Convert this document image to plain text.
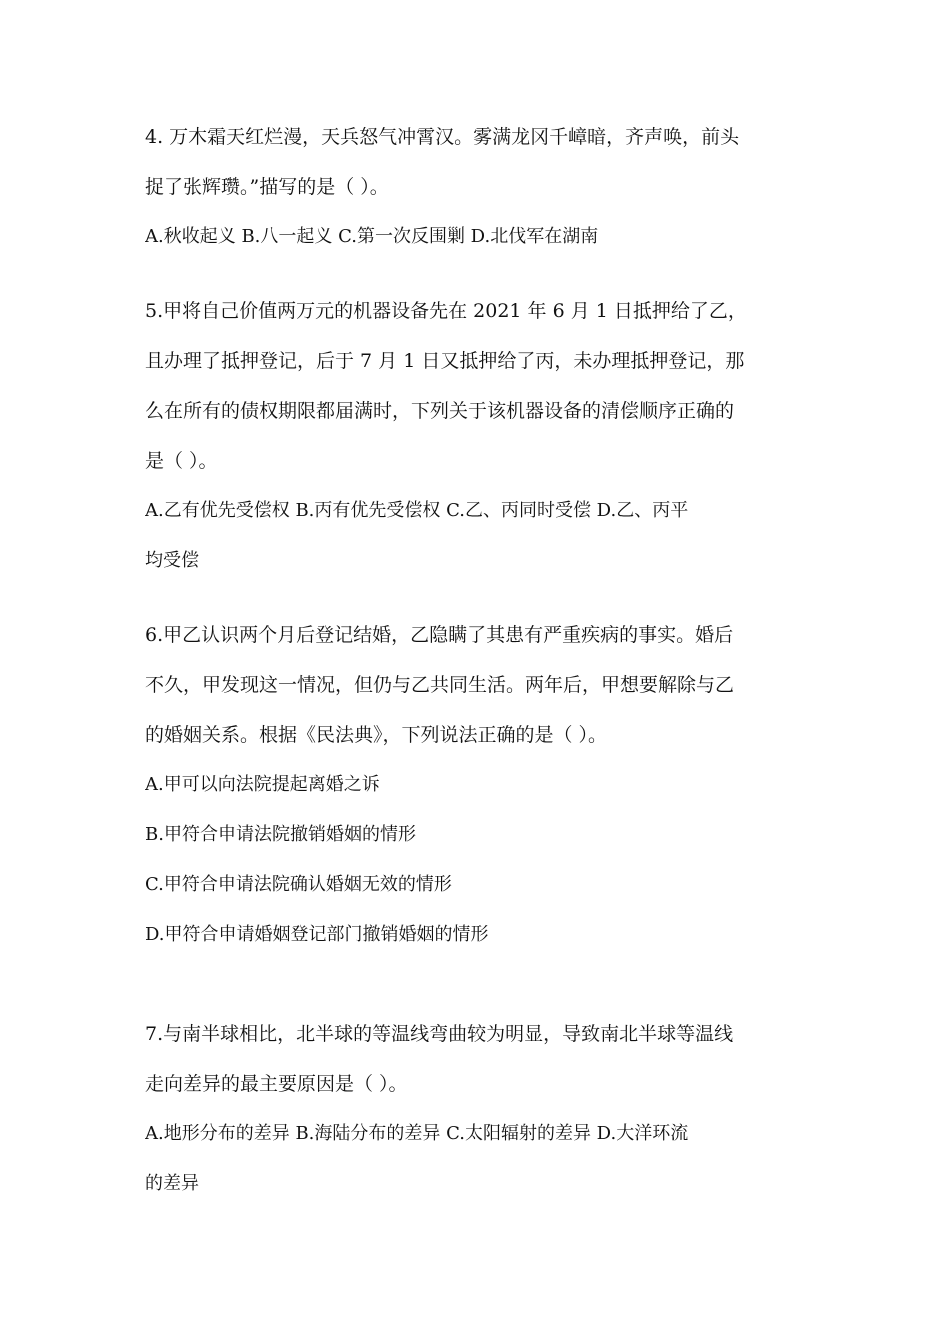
4. 万木霜天红烂漫，天兵怒气冲霄汉。雾满龙冈千嶂暗，齐声唤，前头
捉了张辉瓒。”描写的是（ ）。
A.秋收起义 B.八一起义 C.第一次反围剿 D.北伐军在湖南
5.甲将自己价值两万元的机器设备先在 2021 年 6 月 1 日抵押给了乙，
且办理了抵押登记，后于 7 月 1 日又抵押给了丙，未办理抵押登记，那
么在所有的债权期限都届满时，下列关于该机器设备的清偿顺序正确的
是（ ）。
A.乙有优先受偿权 B.丙有优先受偿权 C.乙、丙同时受偿 D.乙、丙平
均受偿
6.甲乙认识两个月后登记结婚，乙隐瞒了其患有严重疾病的事实。婚后
不久，甲发现这一情况，但仍与乙共同生活。两年后，甲想要解除与乙
的婚姻关系。根据《民法典》，下列说法正确的是（ ）。
A.甲可以向法院提起离婚之诉
B.甲符合申请法院撤销婚姻的情形
C.甲符合申请法院确认婚姻无效的情形
D.甲符合申请婚姻登记部门撤销婚姻的情形
7.与南半球相比，北半球的等温线弯曲较为明显，导致南北半球等温线
走向差异的最主要原因是（ ）。
A.地形分布的差异 B.海陆分布的差异 C.太阳辐射的差异 D.大洋环流
的差异
